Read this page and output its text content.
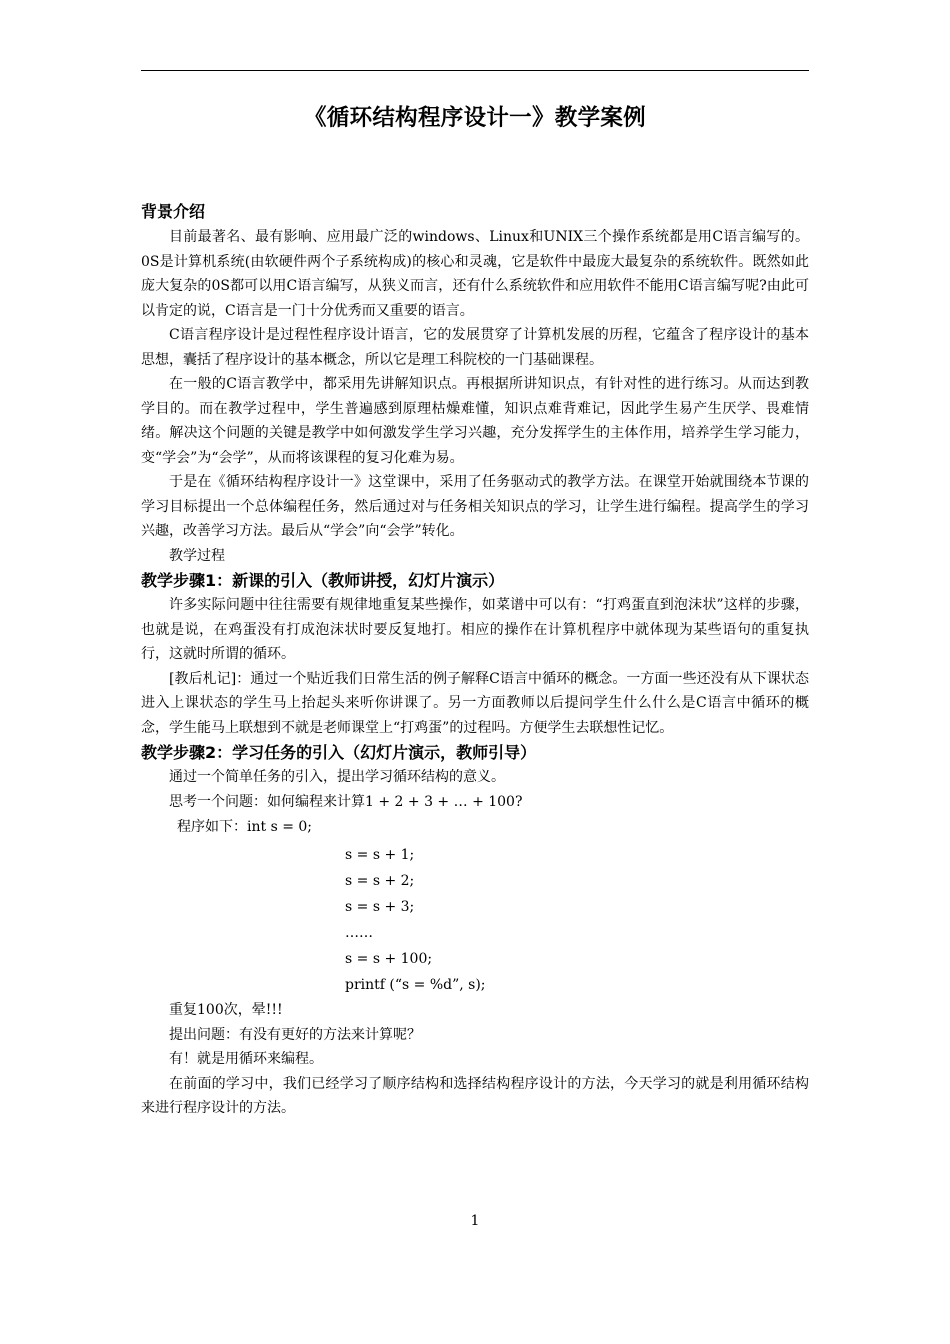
《循环结构程序设计一》教学案例

背景介绍

目前最著名、最有影响、应用最广泛的windows、Linux和UNIX三个操作系统都是用C语言编写的。0S是计算机系统(由软硬件两个子系统构成)的核心和灵魂，它是软件中最庞大最复杂的系统软件。既然如此庞大复杂的0S都可以用C语言编写，从狭义而言，还有什么系统软件和应用软件不能用C语言编写呢?由此可以肯定的说，C语言是一门十分优秀而又重要的语言。

C语言程序设计是过程性程序设计语言，它的发展贯穿了计算机发展的历程，它蕴含了程序设计的基本思想，囊括了程序设计的基本概念，所以它是理工科院校的一门基础课程。

在一般的C语言教学中，都采用先讲解知识点。再根据所讲知识点，有针对性的进行练习。从而达到教学目的。而在教学过程中，学生普遍感到原理枯燥难懂，知识点难背难记，因此学生易产生厌学、畏难情绪。解决这个问题的关键是教学中如何激发学生学习兴趣，充分发挥学生的主体作用，培养学生学习能力，变“学会”为“会学”，从而将该课程的复习化难为易。

于是在《循环结构程序设计一》这堂课中，采用了任务驱动式的教学方法。在课堂开始就围绕本节课的学习目标提出一个总体编程任务，然后通过对与任务相关知识点的学习，让学生进行编程。提高学生的学习兴趣，改善学习方法。最后从“学会”向“会学”转化。

教学过程

教学步骤1：新课的引入（教师讲授，幻灯片演示）

许多实际问题中往往需要有规律地重复某些操作，如菜谱中可以有：“打鸡蛋直到泡沫状”这样的步骤，也就是说，在鸡蛋没有打成泡沫状时要反复地打。相应的操作在计算机程序中就体现为某些语句的重复执行，这就时所谓的循环。

[教后札记]：通过一个贴近我们日常生活的例子解释C语言中循环的概念。一方面一些还没有从下课状态进入上课状态的学生马上抬起头来听你讲课了。另一方面教师以后提问学生什么什么是C语言中循环的概念，学生能马上联想到不就是老师课堂上“打鸡蛋”的过程吗。方便学生去联想性记忆。

教学步骤2：学习任务的引入（幻灯片演示，教师引导）

通过一个简单任务的引入，提出学习循环结构的意义。

思考一个问题：如何编程来计算1 + 2 + 3 + … + 100?

程序如下：int s = 0;

s = s + 1;

s = s + 2;

s = s + 3;

……

s = s + 100;

printf (“s = %d”, s);

重复100次，晕!!!

提出问题：有没有更好的方法来计算呢？

有！就是用循环来编程。

在前面的学习中，我们已经学习了顺序结构和选择结构程序设计的方法，今天学习的就是利用循环结构来进行程序设计的方法。

1
